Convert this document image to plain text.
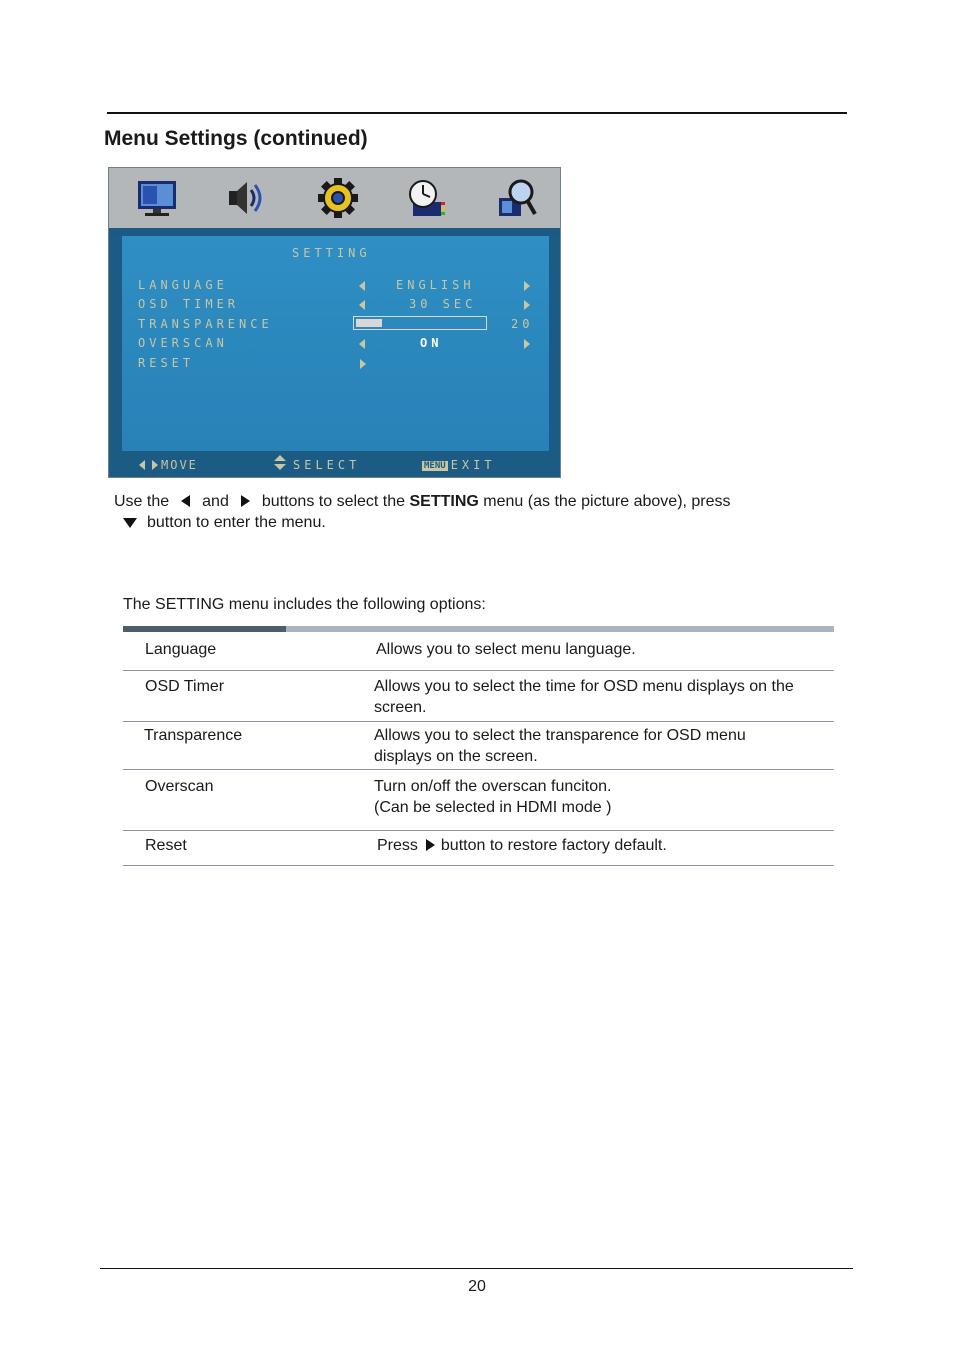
Menu Settings (continued)
SETTING
LANGUAGE	ENGLISH
OSD TIMER	30 SEC
TRANSPARENCE	20
OVERSCAN	ON
RESET
MOVE	SELECT	MENU EXIT
Use the and buttons to select the SETTING menu (as the picture above), press
button to enter the menu.

The SETTING menu includes the following options:

Language	Allows you to select menu language.
OSD Timer	Allows you to select the time for OSD menu displays on the
screen.
Transparence	Allows you to select the transparence for OSD menu
displays on the screen.
Overscan	Turn on/off the overscan funciton.
(Can be selected in HDMI mode )
Reset	Press button to restore factory default.
20
